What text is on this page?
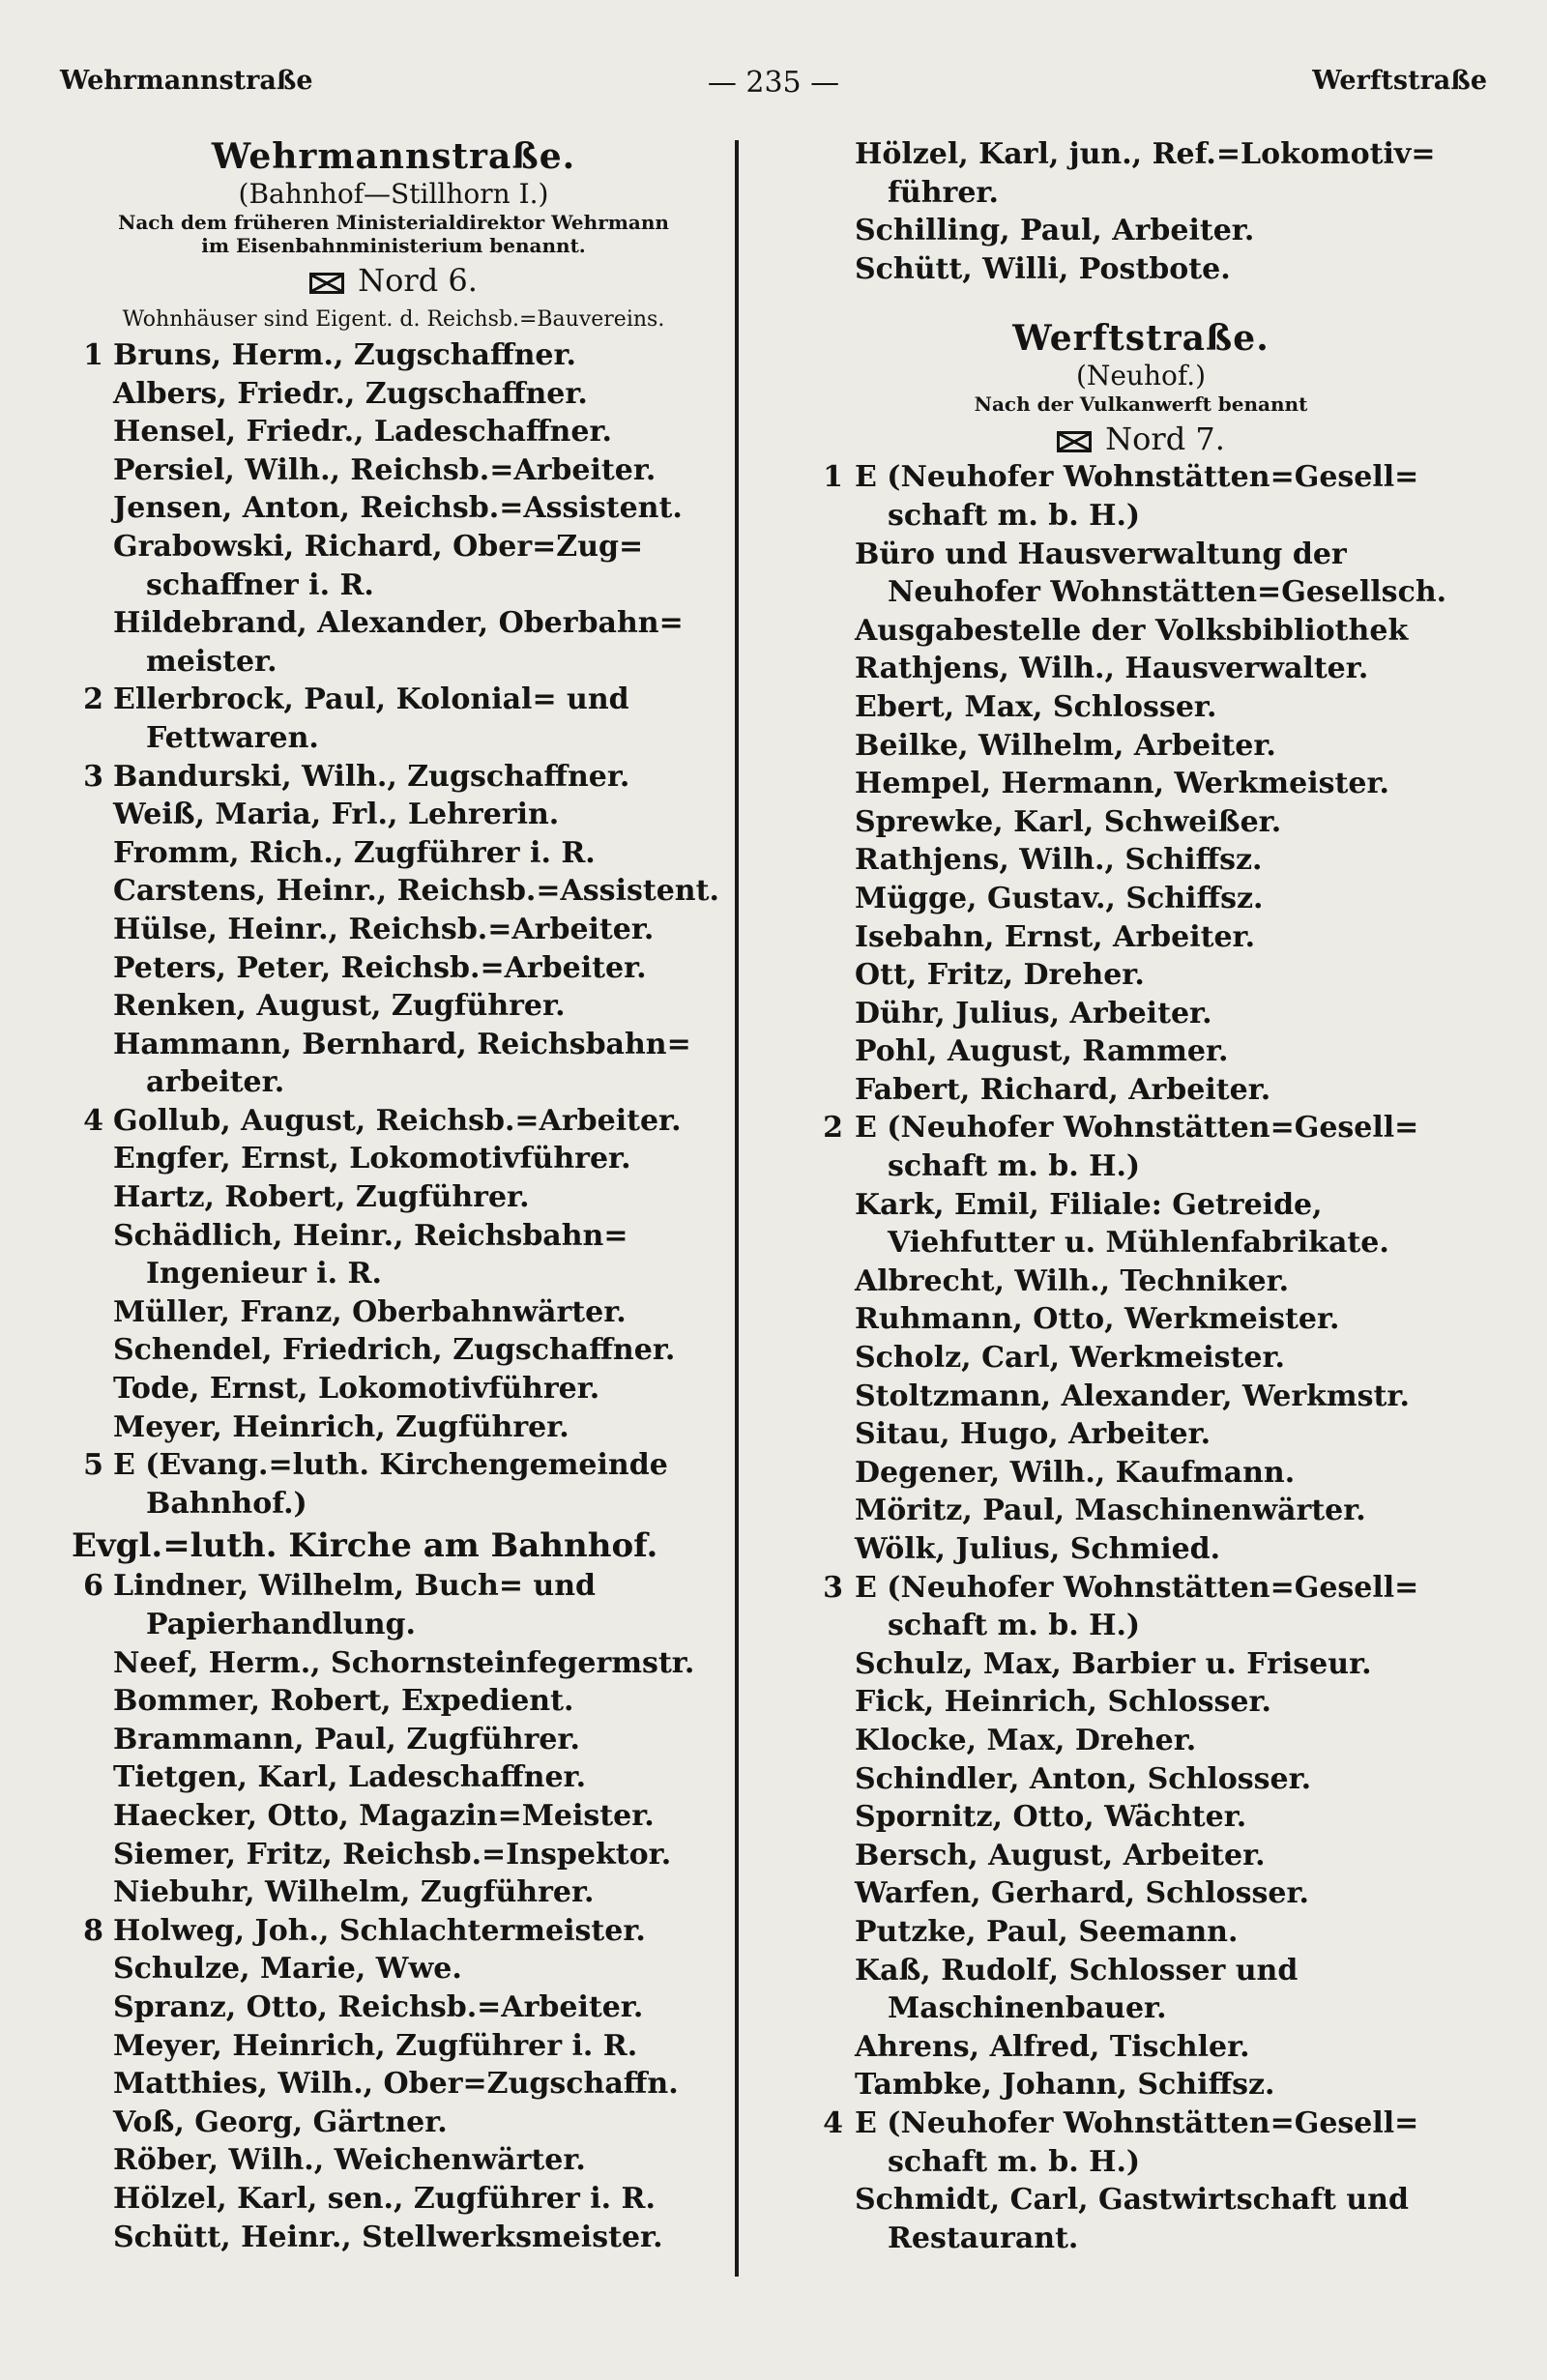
Wehrmannstraße	— 235 —	Werftstraße
Wehrmannstraße.
(Bahnhof—Stillhorn I.)
Nach dem früheren Ministerialdirektor Wehrmann
im Eisenbahnministerium benannt.
Nord 6.
Wohnhäuser sind Eigent. d. Reichsb.=Bauvereins.
1 Bruns, Herm., Zugschaffner.
Albers, Friedr., Zugschaffner.
Hensel, Friedr., Ladeschaffner.
Persiel, Wilh., Reichsb.=Arbeiter.
Jensen, Anton, Reichsb.=Assistent.
Grabowski, Richard, Ober=Zug=
schaffner i. R.
Hildebrand, Alexander, Oberbahn=
meister.
2 Ellerbrock, Paul, Kolonial= und
Fettwaren.
3 Bandurski, Wilh., Zugschaffner.
Weiß, Maria, Frl., Lehrerin.
Fromm, Rich., Zugführer i. R.
Carstens, Heinr., Reichsb.=Assistent.
Hülse, Heinr., Reichsb.=Arbeiter.
Peters, Peter, Reichsb.=Arbeiter.
Renken, August, Zugführer.
Hammann, Bernhard, Reichsbahn=
arbeiter.
4 Gollub, August, Reichsb.=Arbeiter.
Engfer, Ernst, Lokomotivführer.
Hartz, Robert, Zugführer.
Schädlich, Heinr., Reichsbahn=
Ingenieur i. R.
Müller, Franz, Oberbahnwärter.
Schendel, Friedrich, Zugschaffner.
Tode, Ernst, Lokomotivführer.
Meyer, Heinrich, Zugführer.
5 E (Evang.=luth. Kirchengemeinde
Bahnhof.)
Evgl.=luth. Kirche am Bahnhof.
6 Lindner, Wilhelm, Buch= und
Papierhandlung.
Neef, Herm., Schornsteinfegermstr.
Bommer, Robert, Expedient.
Brammann, Paul, Zugführer.
Tietgen, Karl, Ladeschaffner.
Haecker, Otto, Magazin=Meister.
Siemer, Fritz, Reichsb.=Inspektor.
Niebuhr, Wilhelm, Zugführer.
8 Holweg, Joh., Schlachtermeister.
Schulze, Marie, Wwe.
Spranz, Otto, Reichsb.=Arbeiter.
Meyer, Heinrich, Zugführer i. R.
Matthies, Wilh., Ober=Zugschaffn.
Voß, Georg, Gärtner.
Röber, Wilh., Weichenwärter.
Hölzel, Karl, sen., Zugführer i. R.
Schütt, Heinr., Stellwerksmeister.
Hölzel, Karl, jun., Ref.=Lokomotiv=
führer.
Schilling, Paul, Arbeiter.
Schütt, Willi, Postbote.
Werftstraße.
(Neuhof.)
Nach der Vulkanwerft benannt
Nord 7.
1 E (Neuhofer Wohnstätten=Gesell=
schaft m. b. H.)
Büro und Hausverwaltung der
Neuhofer Wohnstätten=Gesellsch.
Ausgabestelle der Volksbibliothek
Rathjens, Wilh., Hausverwalter.
Ebert, Max, Schlosser.
Beilke, Wilhelm, Arbeiter.
Hempel, Hermann, Werkmeister.
Sprewke, Karl, Schweißer.
Rathjens, Wilh., Schiffsz.
Mügge, Gustav., Schiffsz.
Isebahn, Ernst, Arbeiter.
Ott, Fritz, Dreher.
Dühr, Julius, Arbeiter.
Pohl, August, Rammer.
Fabert, Richard, Arbeiter.
2 E (Neuhofer Wohnstätten=Gesell=
schaft m. b. H.)
Kark, Emil, Filiale: Getreide,
Viehfutter u. Mühlenfabrikate.
Albrecht, Wilh., Techniker.
Ruhmann, Otto, Werkmeister.
Scholz, Carl, Werkmeister.
Stoltzmann, Alexander, Werkmstr.
Sitau, Hugo, Arbeiter.
Degener, Wilh., Kaufmann.
Möritz, Paul, Maschinenwärter.
Wölk, Julius, Schmied.
3 E (Neuhofer Wohnstätten=Gesell=
schaft m. b. H.)
Schulz, Max, Barbier u. Friseur.
Fick, Heinrich, Schlosser.
Klocke, Max, Dreher.
Schindler, Anton, Schlosser.
Spornitz, Otto, Wächter.
Bersch, August, Arbeiter.
Warfen, Gerhard, Schlosser.
Putzke, Paul, Seemann.
Kaß, Rudolf, Schlosser und
Maschinenbauer.
Ahrens, Alfred, Tischler.
Tambke, Johann, Schiffsz.
4 E (Neuhofer Wohnstätten=Gesell=
schaft m. b. H.)
Schmidt, Carl, Gastwirtschaft und
Restaurant.
